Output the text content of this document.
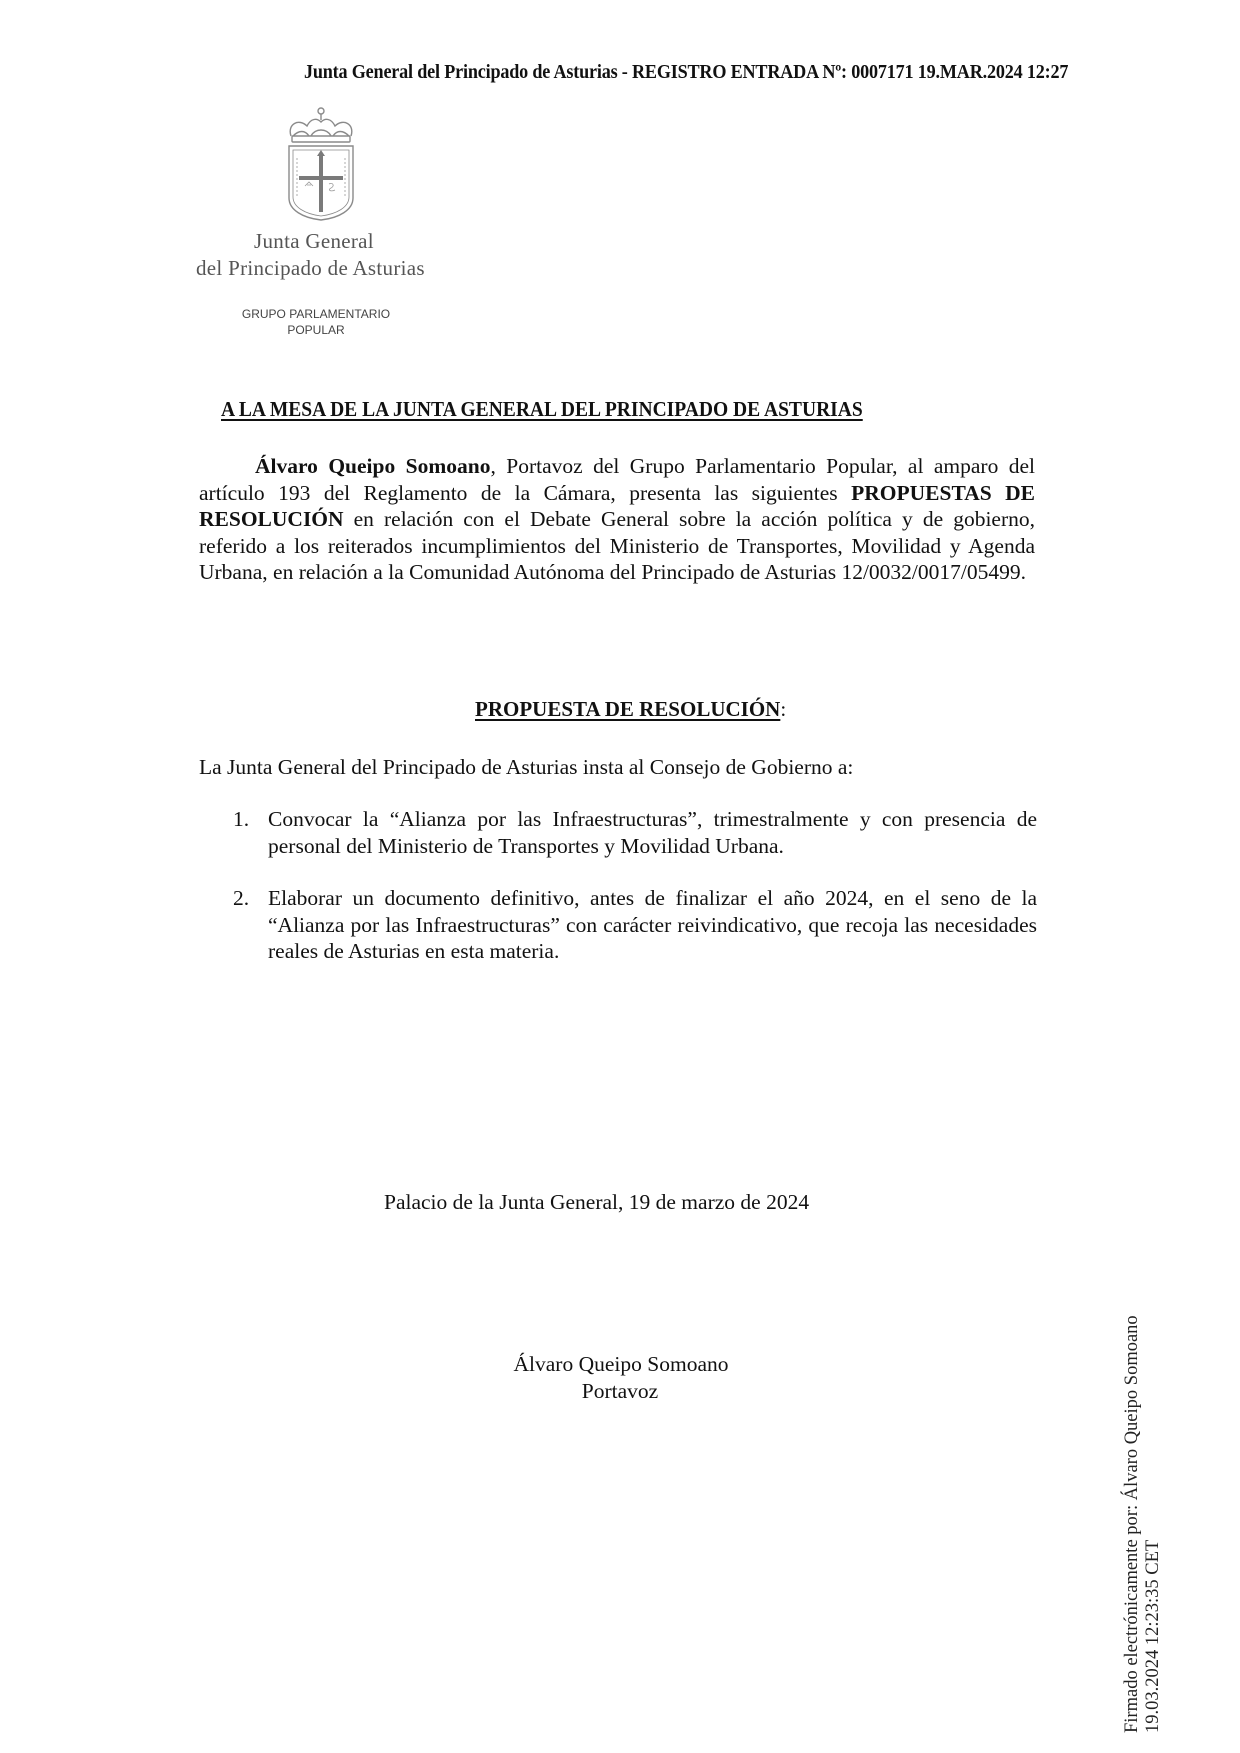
Junta General del Principado de Asturias - REGISTRO ENTRADA Nº: 0007171 19.MAR.2024 12:27
Junta General
del Principado de Asturias
GRUPO PARLAMENTARIO
POPULAR
A LA MESA DE LA JUNTA GENERAL DEL PRINCIPADO DE ASTURIAS

Álvaro Queipo Somoano, Portavoz del Grupo Parlamentario Popular, al amparo del artículo 193 del Reglamento de la Cámara, presenta las siguientes PROPUESTAS DE RESOLUCIÓN en relación con el Debate General sobre la acción política y de gobierno, referido a los reiterados incumplimientos del Ministerio de Transportes, Movilidad y Agenda Urbana, en relación a la Comunidad Autónoma del Principado de Asturias 12/0032/0017/05499.

PROPUESTA DE RESOLUCIÓN:
La Junta General del Principado de Asturias insta al Consejo de Gobierno a:
1. Convocar la “Alianza por las Infraestructuras”, trimestralmente y con presencia de personal del Ministerio de Transportes y Movilidad Urbana.
2. Elaborar un documento definitivo, antes de finalizar el año 2024, en el seno de la “Alianza por las Infraestructuras” con carácter reivindicativo, que recoja las necesidades reales de Asturias en esta materia.
Palacio de la Junta General, 19 de marzo de 2024
Álvaro Queipo Somoano
Portavoz	Firmado electrónicamente por: Álvaro Queipo Somoano 19.03.2024 12:23:35 CET
